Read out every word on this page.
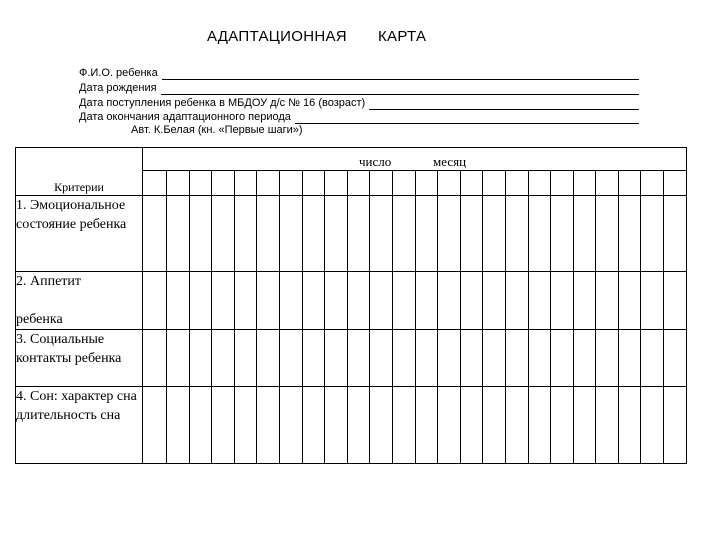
АДАПТАЦИОННАЯ КАРТА
Ф.И.О. ребенка
Дата рождения
Дата поступления ребенка в МБДОУ д/с № 16 (возраст)
Дата окончания адаптационного периода
Авт. К.Белая (кн. «Первые шаги»)
Критерии	число месяц																							

1. Эмоциональное состояние ребенка																								
2. Аппетит

ребенка																								
3. Социальные контакты ребенка																								
4. Сон: характер сна длительность сна																								
